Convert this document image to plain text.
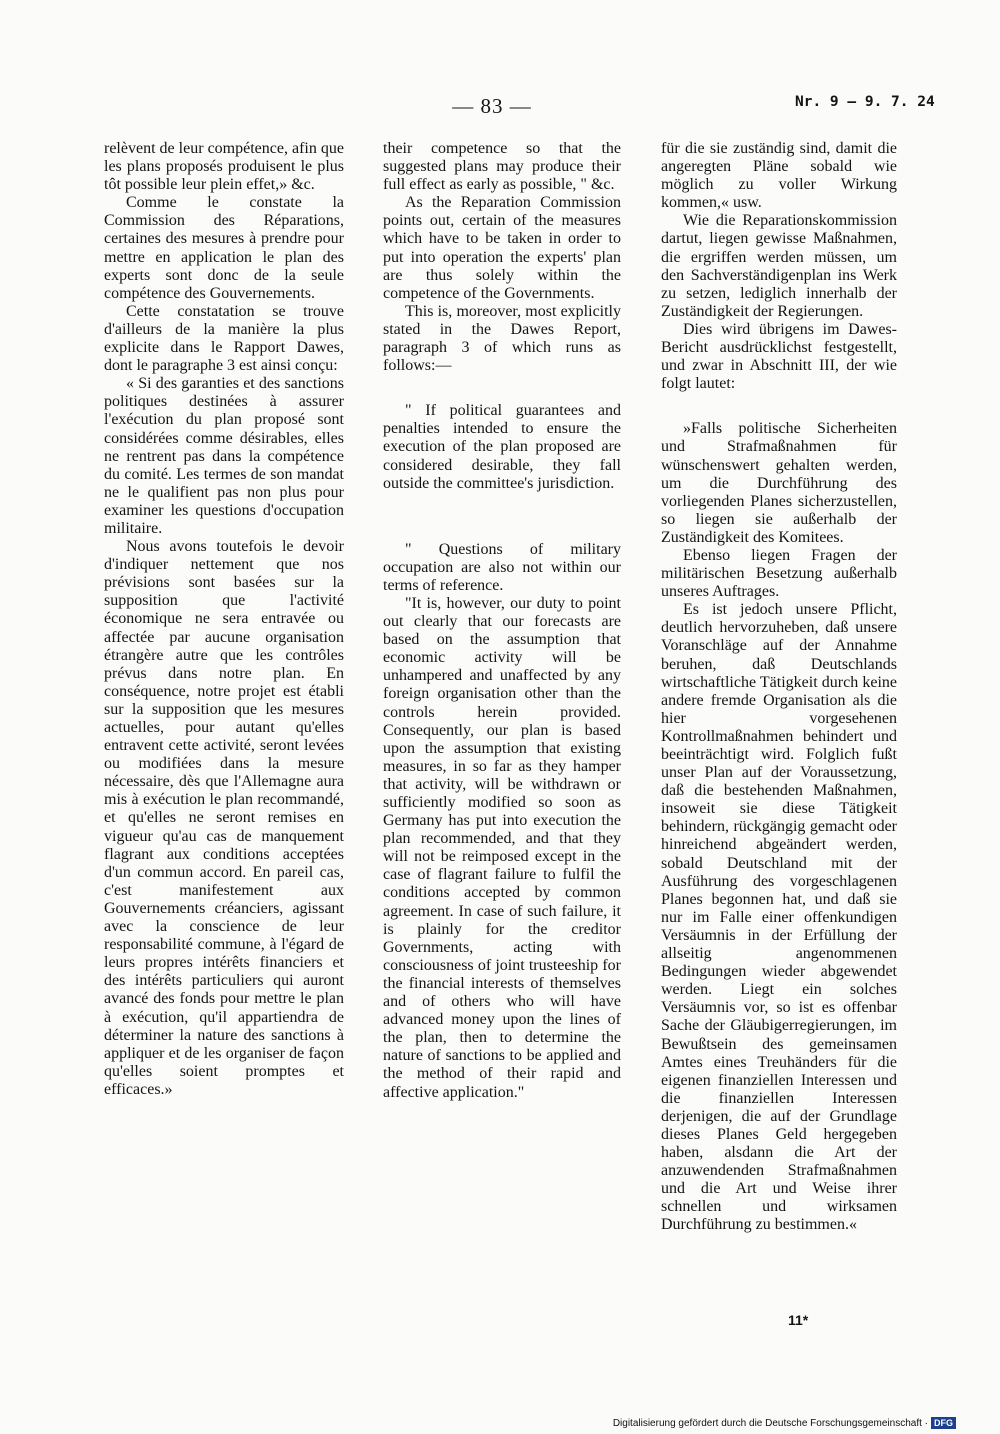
— 83 —	Nr. 9 — 9. 7. 24

relèvent de leur compétence, afin que les plans proposés produisent le plus tôt possible leur plein effet,» &c.

Comme le constate la Commission des Réparations, certaines des mesures à prendre pour mettre en application le plan des experts sont donc de la seule compétence des Gouvernements.

Cette constatation se trouve d'ailleurs de la manière la plus explicite dans le Rapport Dawes, dont le paragraphe 3 est ainsi conçu:

« Si des garanties et des sanctions politiques destinées à assurer l'exécution du plan proposé sont considérées comme désirables, elles ne rentrent pas dans la compétence du comité. Les termes de son mandat ne le qualifient pas non plus pour examiner les questions d'occupation militaire.

Nous avons toutefois le devoir d'indiquer nettement que nos prévisions sont basées sur la supposition que l'activité économique ne sera entravée ou affectée par aucune organisation étrangère autre que les contrôles prévus dans notre plan. En conséquence, notre projet est établi sur la supposition que les mesures actuelles, pour autant qu'elles entravent cette activité, seront levées ou modifiées dans la mesure nécessaire, dès que l'Allemagne aura mis à exécution le plan recommandé, et qu'elles ne seront remises en vigueur qu'au cas de manquement flagrant aux conditions acceptées d'un commun accord. En pareil cas, c'est manifestement aux Gouvernements créanciers, agissant avec la conscience de leur responsabilité commune, à l'égard de leurs propres intérêts financiers et des intérêts particuliers qui auront avancé des fonds pour mettre le plan à exécution, qu'il appartiendra de déterminer la nature des sanctions à appliquer et de les organiser de façon qu'elles soient promptes et efficaces.»

their competence so that the suggested plans may produce their full effect as early as possible, " &c.

As the Reparation Commission points out, certain of the measures which have to be taken in order to put into operation the experts' plan are thus solely within the competence of the Governments.

This is, moreover, most explicitly stated in the Dawes Report, paragraph 3 of which runs as follows:—

" If political guarantees and penalties intended to ensure the execution of the plan proposed are considered desirable, they fall outside the committee's jurisdiction.

" Questions of military occupation are also not within our terms of reference.

"It is, however, our duty to point out clearly that our forecasts are based on the assumption that economic activity will be unhampered and unaffected by any foreign organisation other than the controls herein provided. Consequently, our plan is based upon the assumption that existing measures, in so far as they hamper that activity, will be withdrawn or sufficiently modified so soon as Germany has put into execution the plan recommended, and that they will not be reimposed except in the case of flagrant failure to fulfil the conditions accepted by common agreement. In case of such failure, it is plainly for the creditor Governments, acting with consciousness of joint trusteeship for the financial interests of themselves and of others who will have advanced money upon the lines of the plan, then to determine the nature of sanctions to be applied and the method of their rapid and affective application."

für die sie zuständig sind, damit die angeregten Pläne sobald wie möglich zu voller Wirkung kommen,« usw.

Wie die Reparationskommission dartut, liegen gewisse Maßnahmen, die ergriffen werden müssen, um den Sachverständigenplan ins Werk zu setzen, lediglich innerhalb der Zuständigkeit der Regierungen.

Dies wird übrigens im Dawes-Bericht ausdrücklichst festgestellt, und zwar in Abschnitt III, der wie folgt lautet:

»Falls politische Sicherheiten und Strafmaßnahmen für wünschenswert gehalten werden, um die Durchführung des vorliegenden Planes sicherzustellen, so liegen sie außerhalb der Zuständigkeit des Komitees.

Ebenso liegen Fragen der militärischen Besetzung außerhalb unseres Auftrages.

Es ist jedoch unsere Pflicht, deutlich hervorzuheben, daß unsere Voranschläge auf der Annahme beruhen, daß Deutschlands wirtschaftliche Tätigkeit durch keine andere fremde Organisation als die hier vorgesehenen Kontrollmaßnahmen behindert und beeinträchtigt wird. Folglich fußt unser Plan auf der Voraussetzung, daß die bestehenden Maßnahmen, insoweit sie diese Tätigkeit behindern, rückgängig gemacht oder hinreichend abgeändert werden, sobald Deutschland mit der Ausführung des vorgeschlagenen Planes begonnen hat, und daß sie nur im Falle einer offenkundigen Versäumnis in der Erfüllung der allseitig angenommenen Bedingungen wieder abgewendet werden. Liegt ein solches Versäumnis vor, so ist es offenbar Sache der Gläubigerregierungen, im Bewußtsein des gemeinsamen Amtes eines Treuhänders für die eigenen finanziellen Interessen und die finanziellen Interessen derjenigen, die auf der Grundlage dieses Planes Geld hergegeben haben, alsdann die Art der anzuwendenden Strafmaßnahmen und die Art und Weise ihrer schnellen und wirksamen Durchführung zu bestimmen.«

11*
Digitalisierung gefördert durch die Deutsche Forschungsgemeinschaft · DFG
